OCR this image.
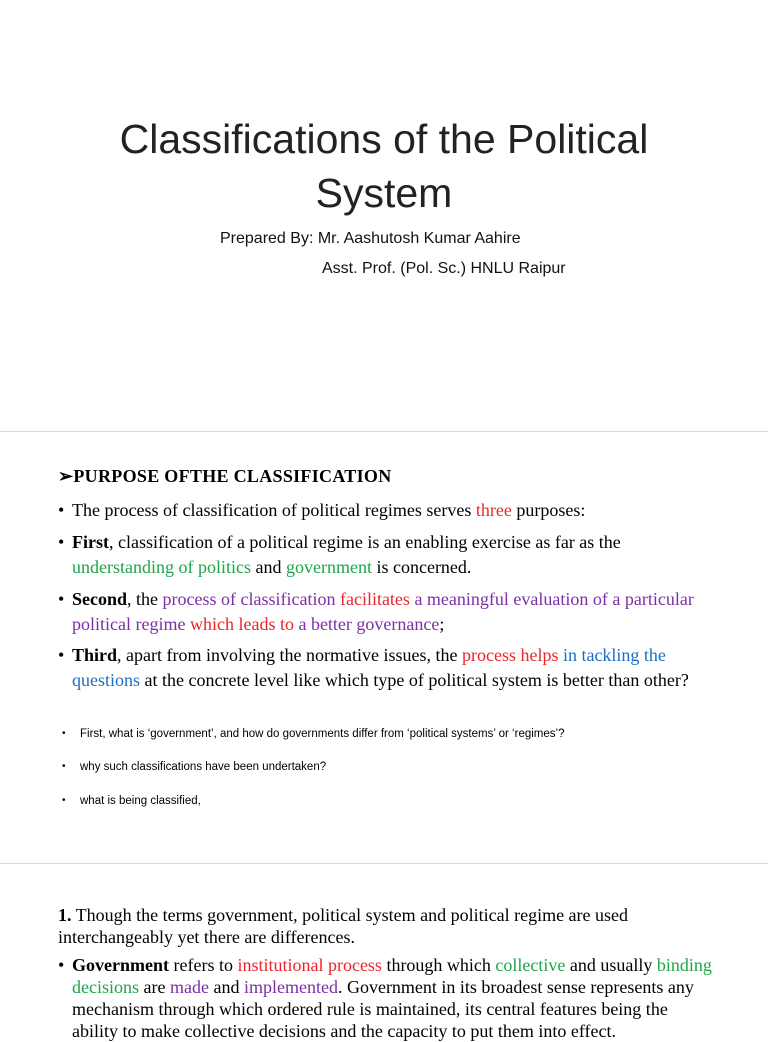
Classifications of the Political
System
Prepared By: Mr. Aashutosh Kumar Aahire
Asst. Prof. (Pol. Sc.) HNLU Raipur
➢PURPOSE OFTHE CLASSIFICATION
• The process of classification of political regimes serves three purposes:
• First, classification of a political regime is an enabling exercise as far as the understanding of politics and government is concerned.
• Second, the process of classification facilitates a meaningful evaluation of a particular political regime which leads to a better governance;
• Third, apart from involving the normative issues, the process helps in tackling the questions at the concrete level like which type of political system is better than other?
• First, what is ‘government’, and how do governments differ from ‘political systems’ or ‘regimes’?
• why such classifications have been undertaken?
• what is being classified,
1. Though the terms government, political system and political regime are used interchangeably yet there are differences.
• Government refers to institutional process through which collective and usually binding decisions are made and implemented. Government in its broadest sense represents any mechanism through which ordered rule is maintained, its central features being the ability to make collective decisions and the capacity to put them into effect.
